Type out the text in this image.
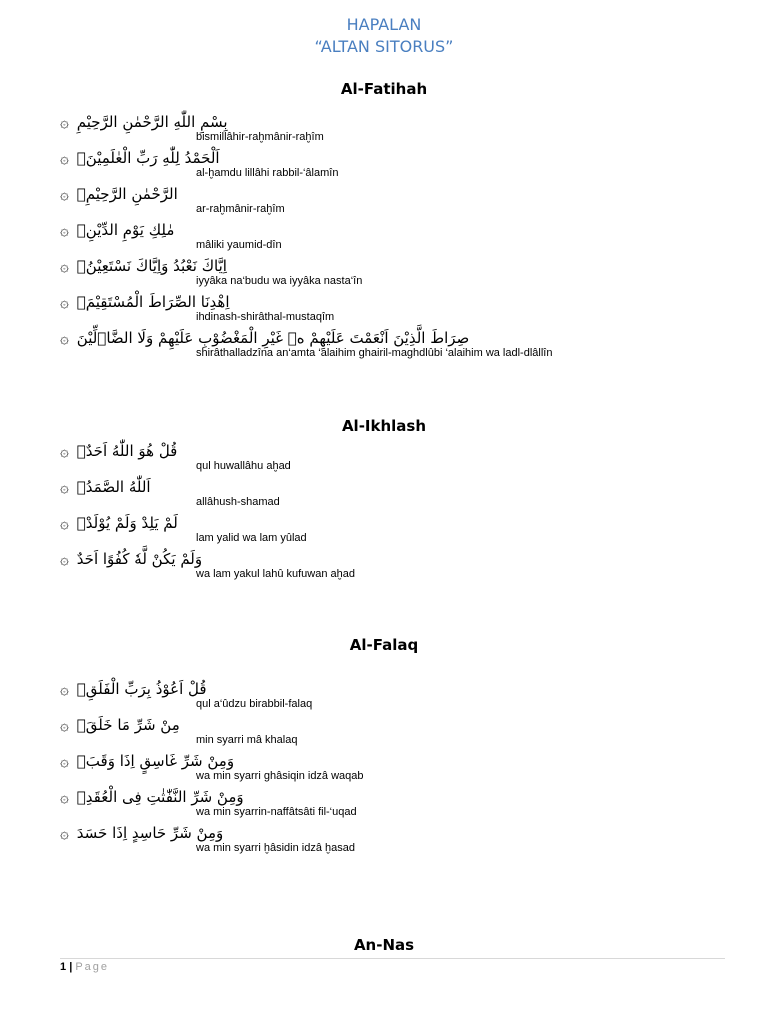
HAPALAN
“ALTAN SITORUS”
Al-Fatihah
۞ بِسْمِ اللّٰهِ الرَّحْمٰنِ الرَّحِيْمِ
bismillâhir-raḫmânir-raḫîm
۞ اَلْحَمْدُ لِلّٰهِ رَبِّ الْعٰلَمِيْنَۙ
al-ḫamdu lillâhi rabbil-‘âlamîn
۞ الرَّحْمٰنِ الرَّحِيْمِۙ
ar-raḫmânir-raḫîm
۞ مٰلِكِ يَوْمِ الدِّيْنِۗ
mâliki yaumid-dîn
۞ اِيَّاكَ نَعْبُدُ وَاِيَّاكَ نَسْتَعِيْنُۗ
iyyâka na‘budu wa iyyâka nasta‘în
۞ اِهْدِنَا الصِّرَاطَ الْمُسْتَقِيْمَۙ
ihdinash-shirâthal-mustaqîm
۞ صِرَاطَ الَّذِيْنَ اَنْعَمْتَ عَلَيْهِمْ ەۙ غَيْرِ الْمَغْضُوْبِ عَلَيْهِمْ وَلَا الضَّاۤلِّيْنَ
shirâthalladzîna an‘amta ‘alaihim ghairil-maghdlûbi ‘alaihim wa ladl-dlâllîn
Al-Ikhlash
۞ قُلْ هُوَ اللّٰهُ اَحَدٌۚ
qul huwallâhu aḫad
۞ اَللّٰهُ الصَّمَدُۚ
allâhush-shamad
۞ لَمْ يَلِدْ وَلَمْ يُوْلَدْۙ
lam yalid wa lam yûlad
۞ وَلَمْ يَكُنْ لَّهٗ كُفُوًا اَحَدٌ
wa lam yakul lahû kufuwan aḫad
Al-Falaq
۞ قُلْ اَعُوْذُ بِرَبِّ الْفَلَقِۙ
qul a‘ûdzu birabbil-falaq
۞ مِنْ شَرِّ مَا خَلَقَۙ
min syarri mâ khalaq
۞ وَمِنْ شَرِّ غَاسِقٍ اِذَا وَقَبَۙ
wa min syarri ghâsiqin idzâ waqab
۞ وَمِنْ شَرِّ النَّفّٰثٰتِ فِى الْعُقَدِۙ
wa min syarrin-naffâtsâti fil-‘uqad
۞ وَمِنْ شَرِّ حَاسِدٍ اِذَا حَسَدَ
wa min syarri ḫâsidin idzâ ḫasad
An-Nas
1 | Page
